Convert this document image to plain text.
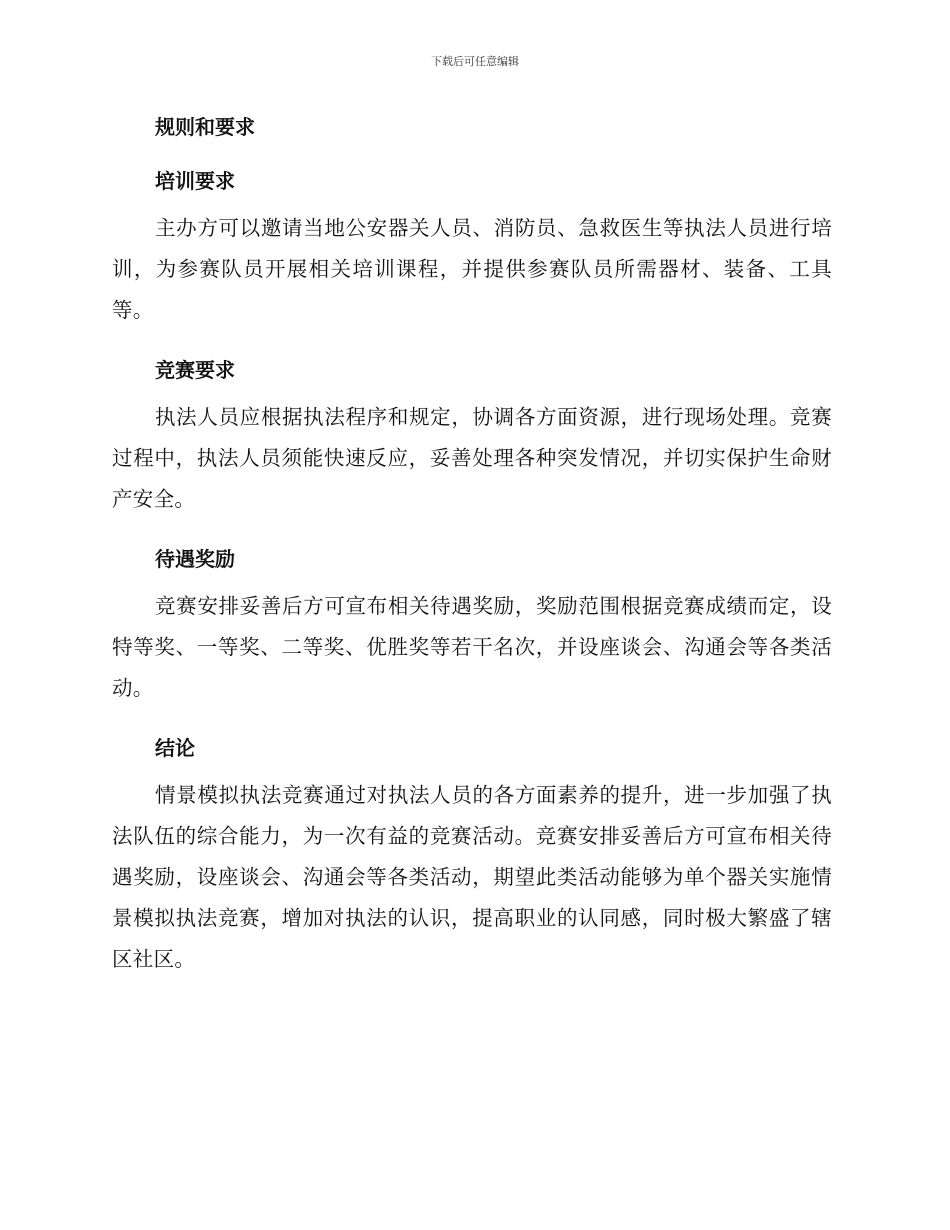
下载后可任意编辑
规则和要求
培训要求

主办方可以邀请当地公安器关人员、消防员、急救医生等执法人员进行培训，为参赛队员开展相关培训课程，并提供参赛队员所需器材、装备、工具等。

竞赛要求

执法人员应根据执法程序和规定，协调各方面资源，进行现场处理。竞赛过程中，执法人员须能快速反应，妥善处理各种突发情况，并切实保护生命财产安全。

待遇奖励

竞赛安排妥善后方可宣布相关待遇奖励，奖励范围根据竞赛成绩而定，设特等奖、一等奖、二等奖、优胜奖等若干名次，并设座谈会、沟通会等各类活动。

结论

情景模拟执法竞赛通过对执法人员的各方面素养的提升，进一步加强了执法队伍的综合能力，为一次有益的竞赛活动。竞赛安排妥善后方可宣布相关待遇奖励，设座谈会、沟通会等各类活动，期望此类活动能够为单个器关实施情景模拟执法竞赛，增加对执法的认识，提高职业的认同感，同时极大繁盛了辖区社区。
